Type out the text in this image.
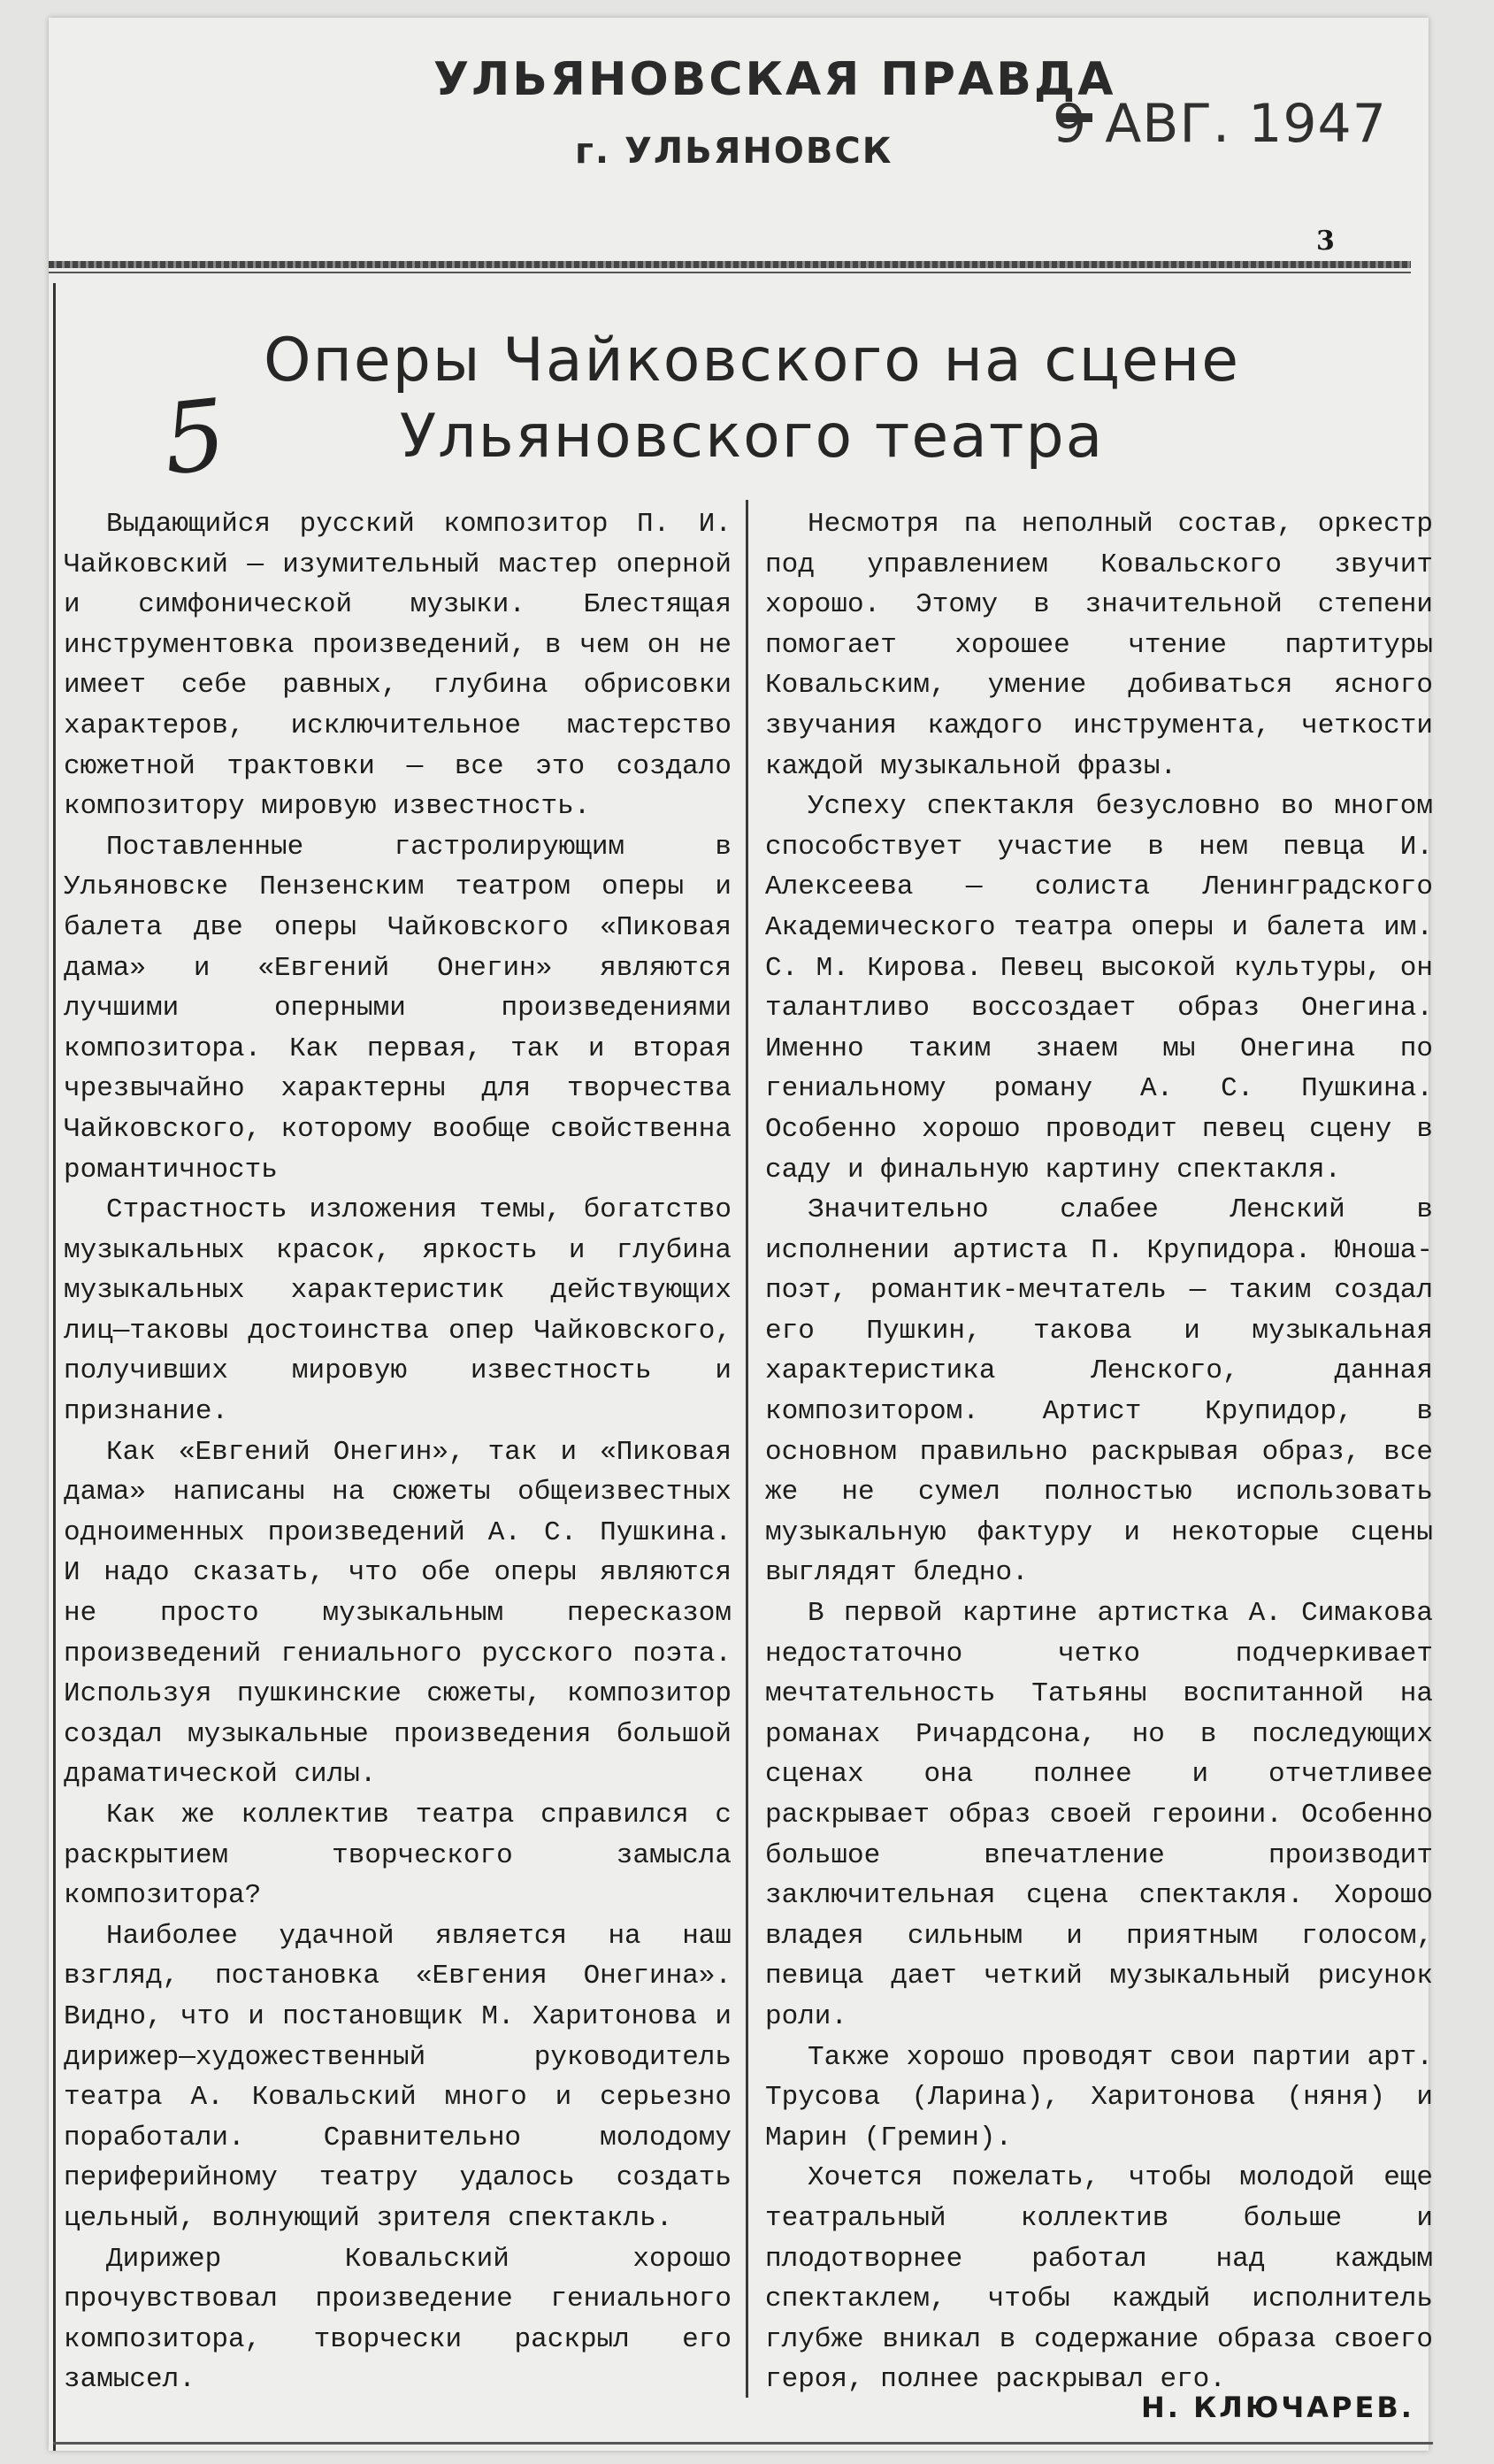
УЛЬЯНОВСКАЯ ПРАВДА
9 АВГ. 1947
г. УЛЬЯНОВСК
3
Оперы Чайковского на сцене
Ульяновского театра
5

Выдающийся русский композитор П. И. Чайковский — изумительный мастер оперной и симфонической музыки. Блестящая инструментовка произведений, в чем он не имеет себе равных, глубина обрисовки характеров, исключительное мастерство сюжетной трактовки — все это создало композитору мировую известность.

Поставленные гастролирующим в Ульяновске Пензенским театром оперы и балета две оперы Чайковского «Пиковая дама» и «Евгений Онегин» являются лучшими оперными произведениями композитора. Как первая, так и вторая чрезвычайно характерны для творчества Чайковского, которому вообще свойственна романтичность

Страстность изложения темы, богатство музыкальных красок, яркость и глубина музыкальных характеристик действующих лиц—таковы достоинства опер Чайковского, получивших мировую известность и признание.

Как «Евгений Онегин», так и «Пиковая дама» написаны на сюжеты общеизвестных одноименных произведений А. С. Пушкина. И надо сказать, что обе оперы являются не просто музыкальным пересказом произведений гениального русского поэта. Используя пушкинские сюжеты, композитор создал музыкальные произведения большой драматической силы.

Как же коллектив театра справился с раскрытием творческого замысла композитора?

Наиболее удачной является на наш взгляд, постановка «Евгения Онегина». Видно, что и постановщик М. Харитонова и дирижер—художественный руководитель театра А. Ковальский много и серьезно поработали. Сравнительно молодому периферийному театру удалось создать цельный, волнующий зрителя спектакль.

Дирижер Ковальский хорошо прочувствовал произведение гениального композитора, творчески раскрыл его замысел.

Несмотря па неполный состав, оркестр под управлением Ковальского звучит хорошо. Этому в значительной степени помогает хорошее чтение партитуры Ковальским, умение добиваться ясного звучания каждого инструмента, четкости каждой музыкальной фразы.

Успеху спектакля безусловно во многом способствует участие в нем певца И. Алексеева — солиста Ленинградского Академического театра оперы и балета им. С. М. Кирова. Певец высокой культуры, он талантливо воссоздает образ Онегина. Именно таким знаем мы Онегина по гениальному роману А. С. Пушкина. Особенно хорошо проводит певец сцену в саду и финальную картину спектакля.

Значительно слабее Ленский в исполнении артиста П. Крупидора. Юноша-поэт, романтик-мечтатель — таким создал его Пушкин, такова и музыкальная характеристика Ленского, данная композитором. Артист Крупидор, в основном правильно раскрывая образ, все же не сумел полностью использовать музыкальную фактуру и некоторые сцены выглядят бледно.

В первой картине артистка А. Симакова недостаточно четко подчеркивает мечтательность Татьяны воспитанной на романах Ричардсона, но в последующих сценах она полнее и отчетливее раскрывает образ своей героини. Особенно большое впечатление производит заключительная сцена спектакля. Хорошо владея сильным и приятным голосом, певица дает четкий музыкальный рисунок роли.

Также хорошо проводят свои партии арт. Трусова (Ларина), Харитонова (няня) и Марин (Гремин).

Хочется пожелать, чтобы молодой еще театральный коллектив больше и плодотворнее работал над каждым спектаклем, чтобы каждый исполнитель глубже вникал в содержание образа своего героя, полнее раскрывал его.

Н. КЛЮЧАРЕВ.
